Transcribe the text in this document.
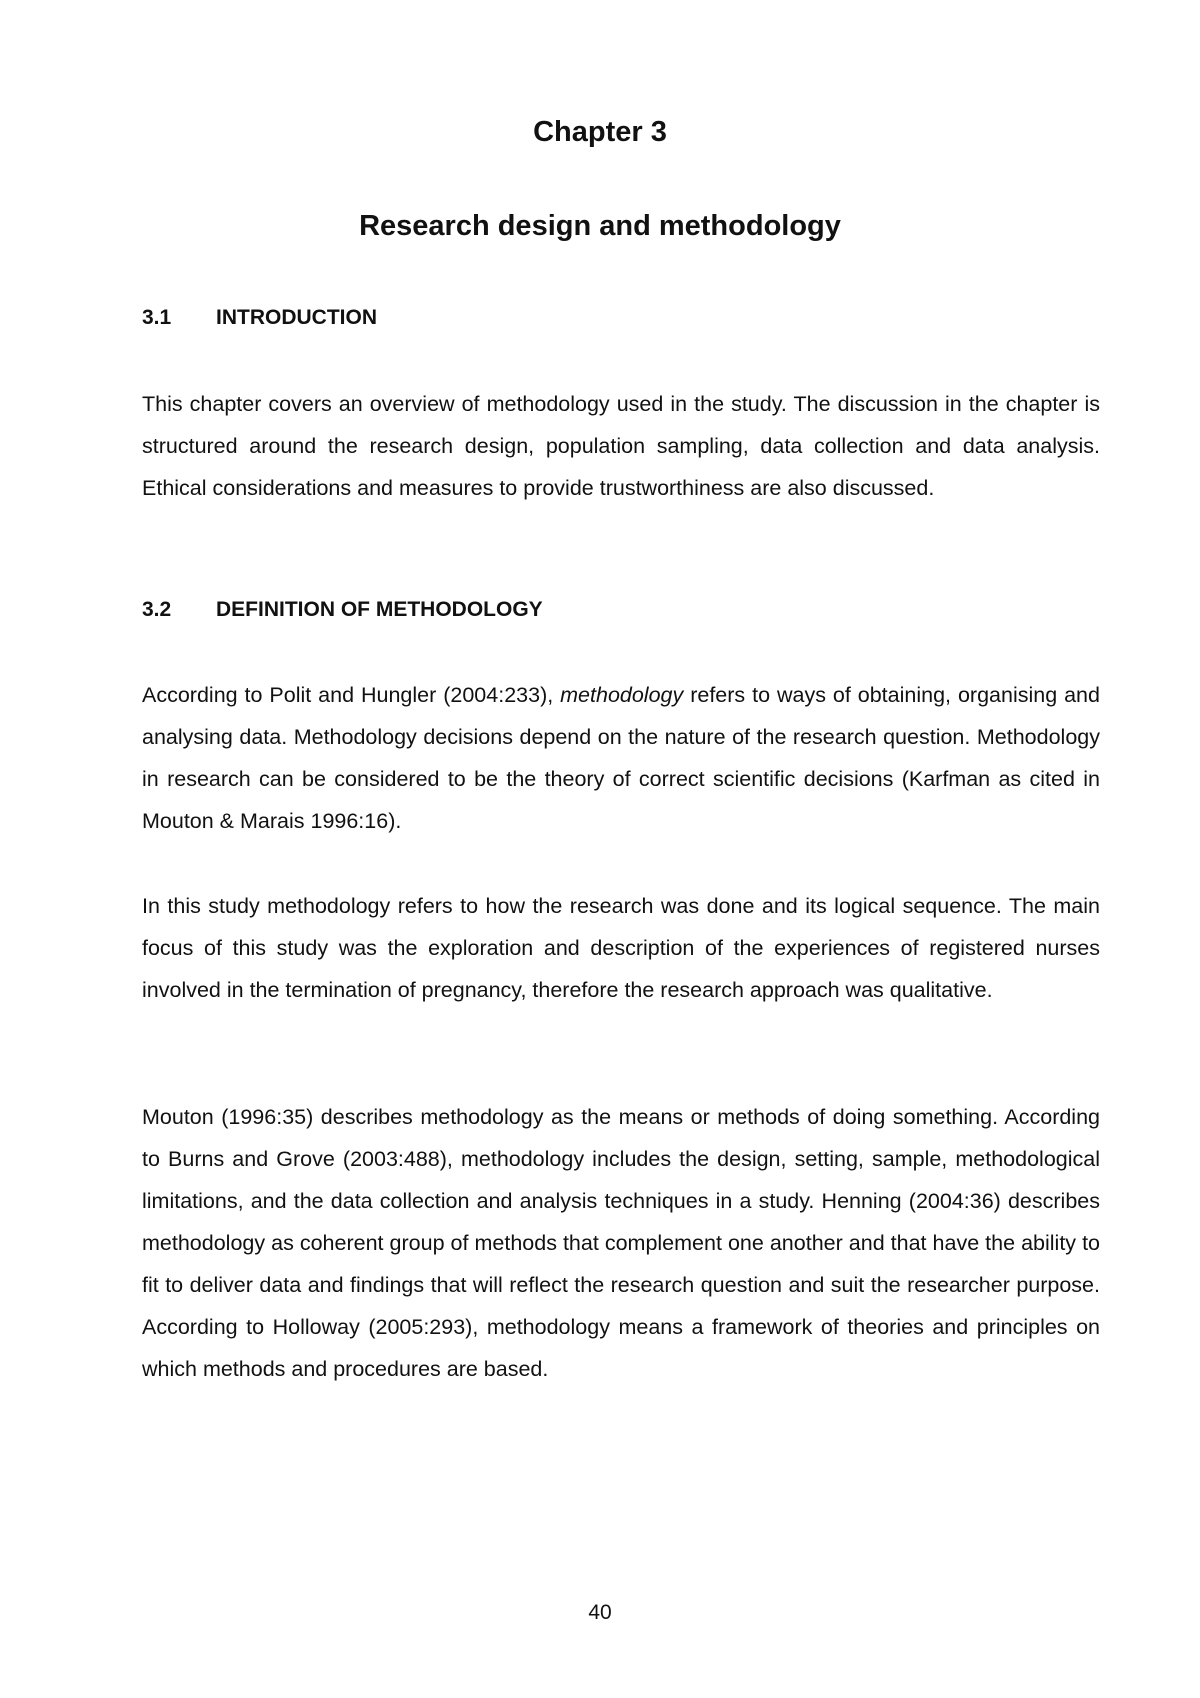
Chapter 3
Research design and methodology
3.1 INTRODUCTION

This chapter covers an overview of methodology used in the study. The discussion in the chapter is structured around the research design, population sampling, data collection and data analysis. Ethical considerations and measures to provide trustworthiness are also discussed.

3.2 DEFINITION OF METHODOLOGY

According to Polit and Hungler (2004:233), methodology refers to ways of obtaining, organising and analysing data. Methodology decisions depend on the nature of the research question. Methodology in research can be considered to be the theory of correct scientific decisions (Karfman as cited in Mouton & Marais 1996:16).

In this study methodology refers to how the research was done and its logical sequence. The main focus of this study was the exploration and description of the experiences of registered nurses involved in the termination of pregnancy, therefore the research approach was qualitative.

Mouton (1996:35) describes methodology as the means or methods of doing something. According to Burns and Grove (2003:488), methodology includes the design, setting, sample, methodological limitations, and the data collection and analysis techniques in a study. Henning (2004:36) describes methodology as coherent group of methods that complement one another and that have the ability to fit to deliver data and findings that will reflect the research question and suit the researcher purpose. According to Holloway (2005:293), methodology means a framework of theories and principles on which methods and procedures are based.

40
